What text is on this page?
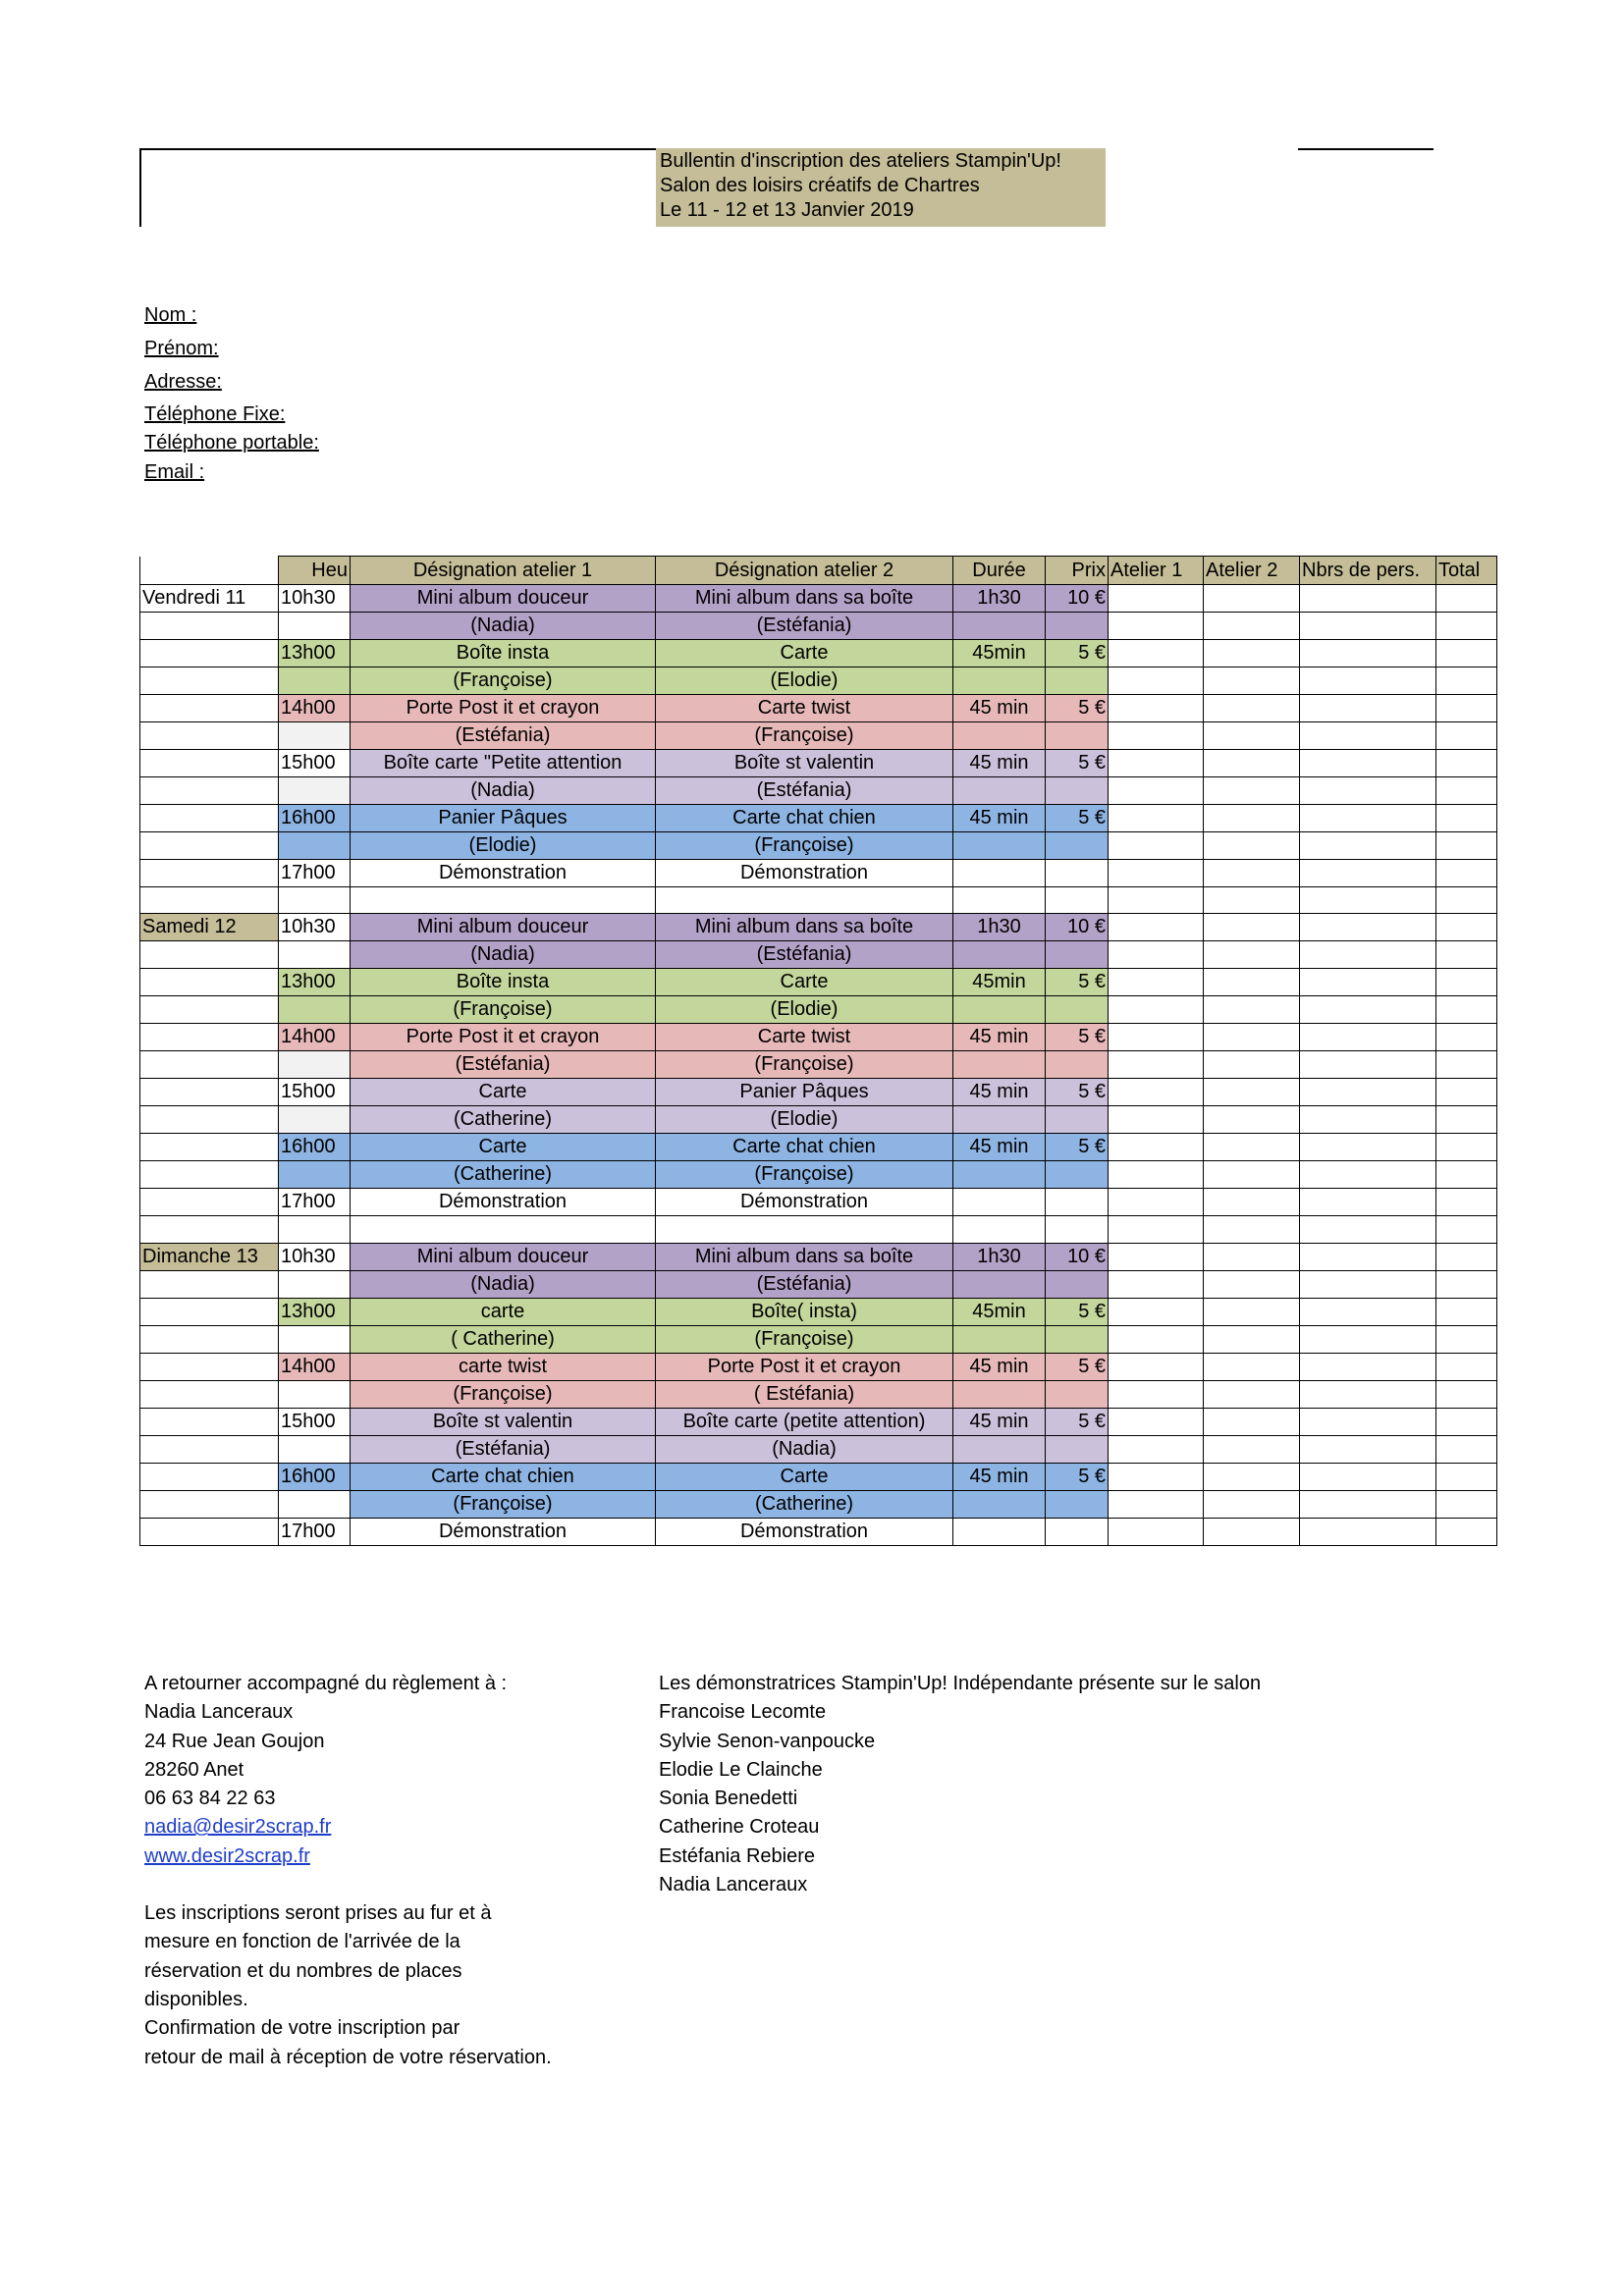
Bullentin d'inscription des ateliers Stampin'Up!
Salon des loisirs créatifs de Chartres
Le 11 - 12 et 13 Janvier 2019
Nom :
Prénom:
Adresse:
Téléphone Fixe:
Téléphone portable:
Email :
	Heu	Désignation atelier 1	Désignation atelier 2	Durée	Prix	Atelier 1	Atelier 2	Nbrs de pers.	Total
Vendredi 11	10h30	Mini album douceur	Mini album dans sa boîte	1h30	10 €				
		(Nadia)	(Estéfania)						
	13h00	Boîte insta	Carte	45min	5 €				
		(Françoise)	(Elodie)						
	14h00	Porte Post it et crayon	Carte twist	45 min	5 €				
		(Estéfania)	(Françoise)						
	15h00	Boîte carte "Petite attention	Boîte st valentin	45 min	5 €				
		(Nadia)	(Estéfania)						
	16h00	Panier Pâques	Carte chat chien	45 min	5 €				
		(Elodie)	(Françoise)						
	17h00	Démonstration	Démonstration						

Samedi 12	10h30	Mini album douceur	Mini album dans sa boîte	1h30	10 €				
		(Nadia)	(Estéfania)						
	13h00	Boîte insta	Carte	45min	5 €				
		(Françoise)	(Elodie)						
	14h00	Porte Post it et crayon	Carte twist	45 min	5 €				
		(Estéfania)	(Françoise)						
	15h00	Carte	Panier Pâques	45 min	5 €				
		(Catherine)	(Elodie)						
	16h00	Carte	Carte chat chien	45 min	5 €				
		(Catherine)	(Françoise)						
	17h00	Démonstration	Démonstration						

Dimanche 13	10h30	Mini album douceur	Mini album dans sa boîte	1h30	10 €				
		(Nadia)	(Estéfania)						
	13h00	carte	Boîte( insta)	45min	5 €				
		( Catherine)	(Françoise)						
	14h00	carte twist	Porte Post it et crayon	45 min	5 €				
		(Françoise)	( Estéfania)						
	15h00	Boîte st valentin	Boîte carte (petite attention)	45 min	5 €				
		(Estéfania)	(Nadia)						
	16h00	Carte chat chien	Carte	45 min	5 €				
		(Françoise)	(Catherine)						
	17h00	Démonstration	Démonstration						
A retourner accompagné du règlement à :
Nadia Lanceraux
24 Rue Jean Goujon
28260 Anet
06 63 84 22 63
nadia@desir2scrap.fr
www.desir2scrap.fr
Les inscriptions seront prises au fur et à
mesure en fonction de l'arrivée de la
réservation et du nombres de places
disponibles.
Confirmation de votre inscription par
retour de mail à réception de votre réservation.
Les démonstratrices Stampin'Up! Indépendante présente sur le salon
Francoise Lecomte
Sylvie Senon-vanpoucke
Elodie Le Clainche
Sonia Benedetti
Catherine Croteau
Estéfania Rebiere
Nadia Lanceraux
